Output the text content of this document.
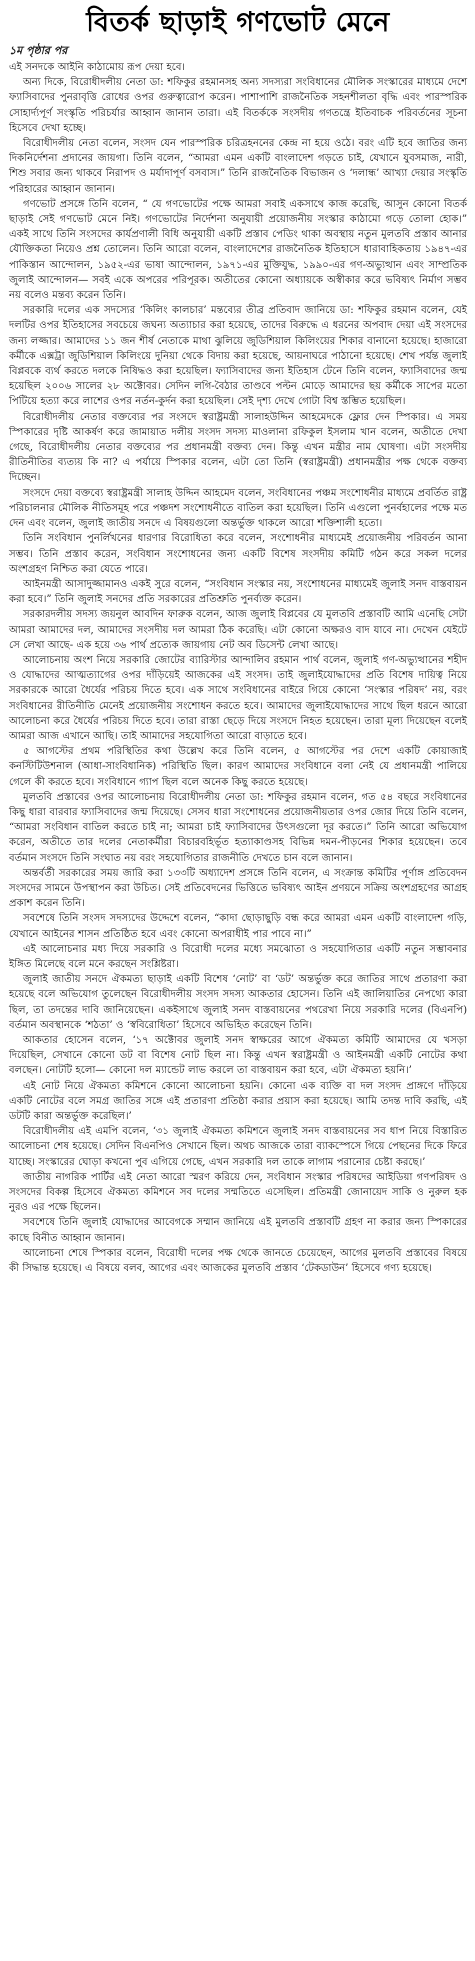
বিতর্ক ছাড়াই গণভোট মেনে
১ম পৃষ্ঠার পর

এই সনদকে আইনি কাঠামোয় রূপ দেয়া হবে।

অন্য দিকে, বিরোধীদলীয় নেতা ডা: শফিকুর রহমানসহ অন্য সদস্যরা সংবিধানের মৌলিক সংস্কারের মাধ্যমে দেশে ফ্যাসিবাদের পুনরাবৃত্তি রোধের ওপর গুরুত্বারোপ করেন। পাশাপাশি রাজনৈতিক সহনশীলতা বৃদ্ধি এবং পারস্পরিক সোহার্দ্যপূর্ণ সংস্কৃতি পরিচর্যার আহ্বান জানান তারা। এই বিতর্ককে সংসদীয় গণতন্ত্রে ইতিবাচক পরিবর্তনের সূচনা হিসেবে দেখা হচ্ছে।

বিরোধীদলীয় নেতা বলেন, সংসদ যেন পারস্পরিক চরিত্রহননের কেন্দ্র না হয়ে ওঠে। বরং এটি হবে জাতির জন্য দিকনির্দেশনা প্রদানের জায়গা। তিনি বলেন, “আমরা এমন একটি বাংলাদেশ গড়তে চাই, যেখানে যুবসমাজ, নারী, শিশু সবার জন্য থাকবে নিরাপদ ও মর্যাদাপূর্ণ বসবাস।” তিনি রাজনৈতিক বিভাজন ও ‘দলান্ধ’ আখ্যা দেয়ার সংস্কৃতি পরিহারের আহ্বান জানান।

গণভোট প্রসঙ্গে তিনি বলেন, “ যে গণভোটের পক্ষে আমরা সবাই একসাথে কাজ করেছি, আসুন কোনো বিতর্ক ছাড়াই সেই গণভোট মেনে নিই। গণভোটের নির্দেশনা অনুযায়ী প্রয়োজনীয় সংস্কার কাঠামো গড়ে তোলা হোক।” একই সাথে তিনি সংসদের কার্যপ্রণালী বিধি অনুযায়ী একটি প্রস্তাব পেডিং থাকা অবস্থায় নতুন মুলতবি প্রস্তাব আনার যৌক্তিকতা নিয়েও প্রশ্ন তোলেন। তিনি আরো বলেন, বাংলাদেশের রাজনৈতিক ইতিহাসে ধারাবাহিকতায় ১৯৪৭-এর পাকিস্তান আন্দোলন, ১৯৫২-এর ভাষা আন্দোলন, ১৯৭১-এর মুক্তিযুদ্ধ, ১৯৯০-এর গণ-অভ্যুত্থান এবং সাম্প্রতিক জুলাই আন্দোলন— সবই একে অপরের পরিপূরক। অতীতের কোনো অধ্যায়কে অস্বীকার করে ভবিষ্যৎ নির্মাণ সম্ভব নয় বলেও মন্তব্য করেন তিনি।

সরকারি দলের এক সদস্যের ‘কিলিং কালচার’ মন্তব্যের তীব্র প্রতিবাদ জানিয়ে ডা: শফিকুর রহমান বলেন, যেই দলটির ওপর ইতিহাসের সবচেয়ে জঘন্য অত্যাচার করা হয়েছে, তাদের বিরুদ্ধে এ ধরনের অপবাদ দেয়া এই সংসদের জন্য লজ্জার। আমাদের ১১ জন শীর্ষ নেতাকে মাথা ঝুলিয়ে জুডিশিয়াল কিলিংয়ের শিকার বানানো হয়েছে। হাজারো কর্মীকে এক্সট্রা জুডিশিয়াল কিলিংয়ে দুনিয়া থেকে বিদায় করা হয়েছে, আয়নাঘরে পাঠানো হয়েছে। শেখ পর্যন্ত জুলাই বিপ্লবকে ব্যর্থ করতে দলকে নিষিদ্ধও করা হয়েছিল। ফ্যাসিবাদের জন্য ইতিহাস টেনে তিনি বলেন, ফ্যাসিবাদের জন্ম হয়েছিল ২০০৬ সালের ২৮ অক্টোবর। সেদিন লগি-বৈঠার তাণ্ডবে পল্টন মোড়ে আমাদের ছয় কর্মীকে সাপের মতো পিটিয়ে হত্যা করে লাশের ওপর নর্তন-কুর্দন করা হয়েছিল। সেই দৃশ্য দেখে গোটা বিশ্ব স্তম্ভিত হয়েছিল।

বিরোধীদলীয় নেতার বক্তব্যের পর সংসদে স্বরাষ্ট্রমন্ত্রী সালাহউদ্দিন আহমেদকে ফ্লোর দেন স্পিকার। এ সময় স্পিকারের দৃষ্টি আকর্ষণ করে জামায়াত দলীয় সংসদ সদস্য মাওলানা রফিকুল ইসলাম খান বলেন, অতীতে দেখা গেছে, বিরোধীদলীয় নেতার বক্তব্যের পর প্রধানমন্ত্রী বক্তব্য দেন। কিন্তু এখন মন্ত্রীর নাম ঘোষণা। এটা সংসদীয় রীতিনীতির ব্যত্যয় কি না? এ পর্যায়ে স্পিকার বলেন, এটা তো তিনি (স্বরাষ্ট্রমন্ত্রী) প্রধানমন্ত্রীর পক্ষ থেকে বক্তব্য দিচ্ছেন।

সংসদে দেয়া বক্তব্যে স্বরাষ্ট্রমন্ত্রী সালাহ উদ্দিন আহমেদ বলেন, সংবিধানের পঞ্চম সংশোধনীর মাধ্যমে প্রবর্তিত রাষ্ট্র পরিচালনার মৌলিক নীতিসমূহ পরে পঞ্চদশ সংশোধনীতে বাতিল করা হয়েছিল। তিনি এগুলো পুনর্বহালের পক্ষে মত দেন এবং বলেন, জুলাই জাতীয় সনদে এ বিষয়গুলো অন্তর্ভুক্ত থাকলে আরো শক্তিশালী হতো।

তিনি সংবিধান পুনর্লিখনের ধারণার বিরোধিতা করে বলেন, সংশোধনীর মাধ্যমেই প্রয়োজনীয় পরিবর্তন আনা সম্ভব। তিনি প্রস্তাব করেন, সংবিধান সংশোধনের জন্য একটি বিশেষ সংসদীয় কমিটি গঠন করে সকল দলের অংশগ্রহণ নিশ্চিত করা যেতে পারে।

আইনমন্ত্রী আসাদুজ্জামানও একই সুরে বলেন, “সংবিধান সংস্কার নয়, সংশোধনের মাধ্যমেই জুলাই সনদ বাস্তবায়ন করা হবে।” তিনি জুলাই সনদের প্রতি সরকারের প্রতিশ্রুতি পুনর্ব্যক্ত করেন।

সরকারদলীয় সদস্য জয়নুল আবদিন ফারুক বলেন, আজ জুলাই বিপ্লবের যে মুলতবি প্রস্তাবটি আমি এনেছি সেটা আমরা আমাদের দল, আমাদের সংসদীয় দল আমরা ঠিক করেছি। এটা কোনো অক্ষরও বাদ যাবে না। দেখেন যেইটে সে লেখা আছে- এক হয়ে ৩৬ পার্থ প্রত্যেক জায়গায় নেট অব ডিসেন্ট লেখা আছে।

আলোচনায় অংশ নিয়ে সরকারি জোটের ব্যারিস্টার আন্দালিব রহমান পার্থ বলেন, জুলাই গণ-অভ্যুত্থানের শহীদ ও যোদ্ধাদের আত্মত্যাগের ওপর দাঁড়িয়েই আজকের এই সংসদ। তাই জুলাইযোদ্ধাদের প্রতি বিশেষ দায়িত্ব নিয়ে সরকারকে আরো ধৈর্যের পরিচয় দিতে হবে। এক সাথে সংবিধানের বাইরে গিয়ে কোনো ‘সংস্কার পরিষদ’ নয়, বরং সংবিধানের রীতিনীতি মেনেই প্রয়োজনীয় সংশোধন করতে হবে। আমাদের জুলাইযোদ্ধাদের সাথে ছিল ধরনে আরো আলোচনা করে ধৈর্যের পরিচয় দিতে হবে। তারা রাস্তা ছেড়ে দিয়ে সংসদে নিহত হয়েছেন। তারা মূল্য দিয়েছেন বলেই আমরা আজ এখানে আছি। তাই আমাদের সহযোগিতা আরো বাড়াতে হবে।

৫ আগস্টের প্রথম পরিস্থিতির কথা উল্লেখ করে তিনি বলেন, ৫ আগস্টের পর দেশে একটি কোয়াজাই কনস্টিটিউশনাল (আধা-সাংবিধানিক) পরিস্থিতি ছিল। কারণ আমাদের সংবিধানে বলা নেই যে প্রধানমন্ত্রী পালিয়ে গেলে কী করতে হবে। সংবিধানে গ্যাপ ছিল বলে অনেক কিছু করতে হয়েছে।

মুলতবি প্রস্তাবের ওপর আলোচনায় বিরোধীদলীয় নেতা ডা: শফিকুর রহমান বলেন, গত ৫৪ বছরে সংবিধানের কিছু ধারা বারবার ফ্যাসিবাদের জন্ম দিয়েছে। সেসব ধারা সংশোধনের প্রয়োজনীয়তার ওপর জোর দিয়ে তিনি বলেন, “আমরা সংবিধান বাতিল করতে চাই না; আমরা চাই ফ্যাসিবাদের উৎসগুলো দূর করতে।” তিনি আরো অভিযোগ করেন, অতীতে তার দলের নেতাকর্মীরা বিচারবহির্ভূত হত্যাকাণ্ডসহ বিভিন্ন দমন-পীড়নের শিকার হয়েছেন। তবে বর্তমান সংসদে তিনি সংঘাত নয় বরং সহযোগিতার রাজনীতি দেখতে চান বলে জানান।

অন্তর্বর্তী সরকারের সময় জারি করা ১৩৩টি অধ্যাদেশ প্রসঙ্গে তিনি বলেন, এ সংক্রান্ত কমিটির পূর্ণাঙ্গ প্রতিবেদন সংসদের সামনে উপস্থাপন করা উচিত। সেই প্রতিবেদনের ভিত্তিতে ভবিষ্যৎ আইন প্রণয়নে সক্রিয় অংশগ্রহণের আগ্রহ প্রকাশ করেন তিনি।

সবশেষে তিনি সংসদ সদস্যদের উদ্দেশে বলেন, “কাদা ছোড়াছুড়ি বন্ধ করে আমরা এমন একটি বাংলাদেশ গড়ি, যেখানে আইনের শাসন প্রতিষ্ঠিত হবে এবং কোনো অপরাধীই পার পাবে না।”

এই আলোচনার মধ্য দিয়ে সরকারি ও বিরোধী দলের মধ্যে সমঝোতা ও সহযোগিতার একটি নতুন সম্ভাবনার ইঙ্গিত মিলেছে বলে মনে করছেন সংশ্লিষ্টরা।

জুলাই জাতীয় সনদে ঐকমত্য ছাড়াই একটি বিশেষ ‘নোট’ বা ‘ডট’ অন্তর্ভুক্ত করে জাতির সাথে প্রতারণা করা হয়েছে বলে অভিযোগ তুলেছেন বিরোধীদলীয় সংসদ সদস্য আকতার হোসেন। তিনি এই জালিয়াতির নেপথ্যে কারা ছিল, তা তদন্তের দাবি জানিয়েছেন। একইসাথে জুলাই সনদ বাস্তবায়নের পথরেখা নিয়ে সরকারি দলের (বিএনপি) বর্তমান অবস্থানকে ‘শঠতা’ ও ‘স্ববিরোধিতা’ হিসেবে অভিহিত করেছেন তিনি।

আকতার হোসেন বলেন, ‘১৭ অক্টোবর জুলাই সনদ স্বাক্ষরের আগে ঐকমত্য কমিটি আমাদের যে খসড়া দিয়েছিল, সেখানে কোনো ডট বা বিশেষ নোট ছিল না। কিন্তু এখন স্বরাষ্ট্রমন্ত্রী ও আইনমন্ত্রী একটি নোটের কথা বলছেন। নোটটি হলো— কোনো দল ম্যান্ডেট লাভ করলে তা বাস্তবায়ন করা হবে, এটা ঐকমত্য হয়নি।’

এই নোট নিয়ে ঐকমত্য কমিশনে কোনো আলোচনা হয়নি। কোনো এক ব্যক্তি বা দল সংসদ প্রাঙ্গণে দাঁড়িয়ে একটি নোটের বলে সমগ্র জাতির সঙ্গে এই প্রতারণা প্রতিষ্ঠা করার প্রয়াস করা হয়েছে। আমি তদন্ত দাবি করছি, এই ডটটি কারা অন্তর্ভুক্ত করেছিল।’

বিরোধীদলীয় এই এমপি বলেন, ‘৩১ জুলাই ঐকমত্য কমিশনে জুলাই সনদ বাস্তবায়নের সব ধাপ নিয়ে বিস্তারিত আলোচনা শেষ হয়েছে। সেদিন বিএনপিও সেখানে ছিল। অথচ আজকে তারা ব্যাকস্পেসে গিয়ে পেছনের দিকে ফিরে যাচ্ছে। সংস্কারের ঘোড়া কখনো পুব এগিয়ে গেছে, এখন সরকারি দল তাকে লাগাম পরানোর চেষ্টা করছে।’

জাতীয় নাগরিক পার্টির এই নেতা আরো স্মরণ করিয়ে দেন, সংবিধান সংস্কার পরিষদের আইডিয়া গণপরিষদ ও সংসদের বিকল্প হিসেবে ঐকমত্য কমিশনে সব দলের সম্মতিতে এসেছিল। প্রতিমন্ত্রী জোনায়েদ সাকি ও নুরুল হক নুরও এর পক্ষে ছিলেন।

সবশেষে তিনি জুলাই যোদ্ধাদের আবেগকে সম্মান জানিয়ে এই মুলতবি প্রস্তাবটি গ্রহণ না করার জন্য স্পিকারের কাছে বিনীত আহ্বান জানান।

আলোচনা শেষে স্পিকার বলেন, বিরোধী দলের পক্ষ থেকে জানতে চেয়েছেন, আগের মুলতবি প্রস্তাবের বিষয়ে কী সিদ্ধান্ত হয়েছে। এ বিষয়ে বলব, আগের এবং আজকের মুলতবি প্রস্তাব ‘টেকডাউন’ হিসেবে গণ্য হয়েছে।
